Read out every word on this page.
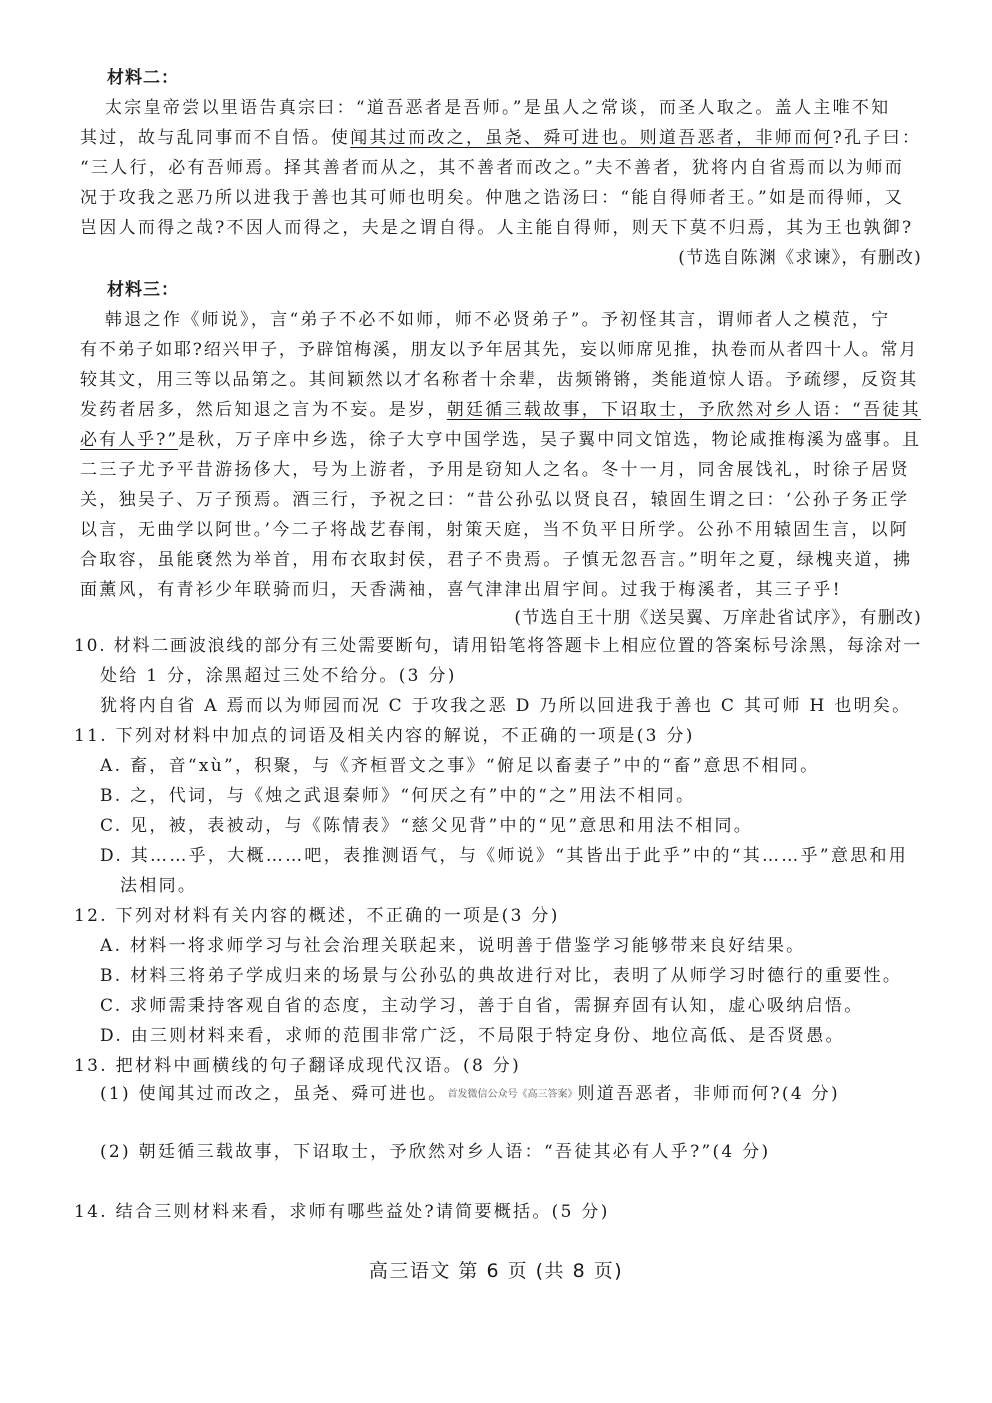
材料二：
太宗皇帝尝以里语告真宗曰：“道吾恶者是吾师。”是虽人之常谈，而圣人取之。盖人主唯不知
其过，故与乱同事而不自悟。使闻其过而改之，虽尧、舜可进也。则道吾恶者，非师而何?孔子曰：
“三人行，必有吾师焉。择其善者而从之，其不善者而改之。”夫不善者，犹将内自省焉而以为师而
况于攻我之恶乃所以进我于善也其可师也明矣。仲虺之诰汤曰：“能自得师者王。”如是而得师，又
岂因人而得之哉?不因人而得之，夫是之谓自得。人主能自得师，则天下莫不归焉，其为王也孰御?
(节选自陈渊《求谏》，有删改)
材料三：
韩退之作《师说》，言“弟子不必不如师，师不必贤弟子”。予初怪其言，谓师者人之模范，宁
有不弟子如耶?绍兴甲子，予辟馆梅溪，朋友以予年居其先，妄以师席见推，执卷而从者四十人。常月
较其文，用三等以品第之。其间颖然以才名称者十余辈，齿频锵锵，类能道惊人语。予疏缪，反资其
发药者居多，然后知退之言为不妄。是岁，朝廷循三载故事，下诏取士，予欣然对乡人语：“吾徒其
必有人乎?”是秋，万子庠中乡选，徐子大亨中国学选，吴子翼中同文馆选，物论咸推梅溪为盛事。且
二三子尤予平昔游扬侈大，号为上游者，予用是窃知人之名。冬十一月，同舍展饯礼，时徐子居贤
关，独吴子、万子预焉。酒三行，予祝之曰：“昔公孙弘以贤良召，辕固生谓之曰：‘公孙子务正学
以言，无曲学以阿世。’今二子将战艺春闱，射策天庭，当不负平日所学。公孙不用辕固生言，以阿
合取容，虽能褎然为举首，用布衣取封侯，君子不贵焉。子慎无忽吾言。”明年之夏，绿槐夹道，拂
面薰风，有青衫少年联骑而归，天香满袖，喜气津津出眉宇间。过我于梅溪者，其三子乎!
(节选自王十朋《送吴翼、万庠赴省试序》，有删改)
10. 材料二画波浪线的部分有三处需要断句，请用铅笔将答题卡上相应位置的答案标号涂黑，每涂对一
处给 1 分，涂黑超过三处不给分。(3 分)
犹将内自省 A 焉而以为师园而况 C 于攻我之恶 D 乃所以回进我于善也 C 其可师 H 也明矣。
11. 下列对材料中加点的词语及相关内容的解说，不正确的一项是(3 分)
A. 畜，音“xù”，积聚，与《齐桓晋文之事》“俯足以畜妻子”中的“畜”意思不相同。
B. 之，代词，与《烛之武退秦师》“何厌之有”中的“之”用法不相同。
C. 见，被，表被动，与《陈情表》“慈父见背”中的“见”意思和用法不相同。
D. 其……乎，大概……吧，表推测语气，与《师说》“其皆出于此乎”中的“其……乎”意思和用
法相同。
12. 下列对材料有关内容的概述，不正确的一项是(3 分)
A. 材料一将求师学习与社会治理关联起来，说明善于借鉴学习能够带来良好结果。
B. 材料三将弟子学成归来的场景与公孙弘的典故进行对比，表明了从师学习时德行的重要性。
C. 求师需秉持客观自省的态度，主动学习，善于自省，需摒弃固有认知，虚心吸纳启悟。
D. 由三则材料来看，求师的范围非常广泛，不局限于特定身份、地位高低、是否贤愚。
13. 把材料中画横线的句子翻译成现代汉语。(8 分)
(1) 使闻其过而改之，虽尧、舜可进也。首发微信公众号《高三答案》则道吾恶者，非师而何?(4 分)
(2) 朝廷循三载故事，下诏取士，予欣然对乡人语：“吾徒其必有人乎?”(4 分)
14. 结合三则材料来看，求师有哪些益处?请简要概括。(5 分)
高三语文 第 6 页 (共 8 页)
